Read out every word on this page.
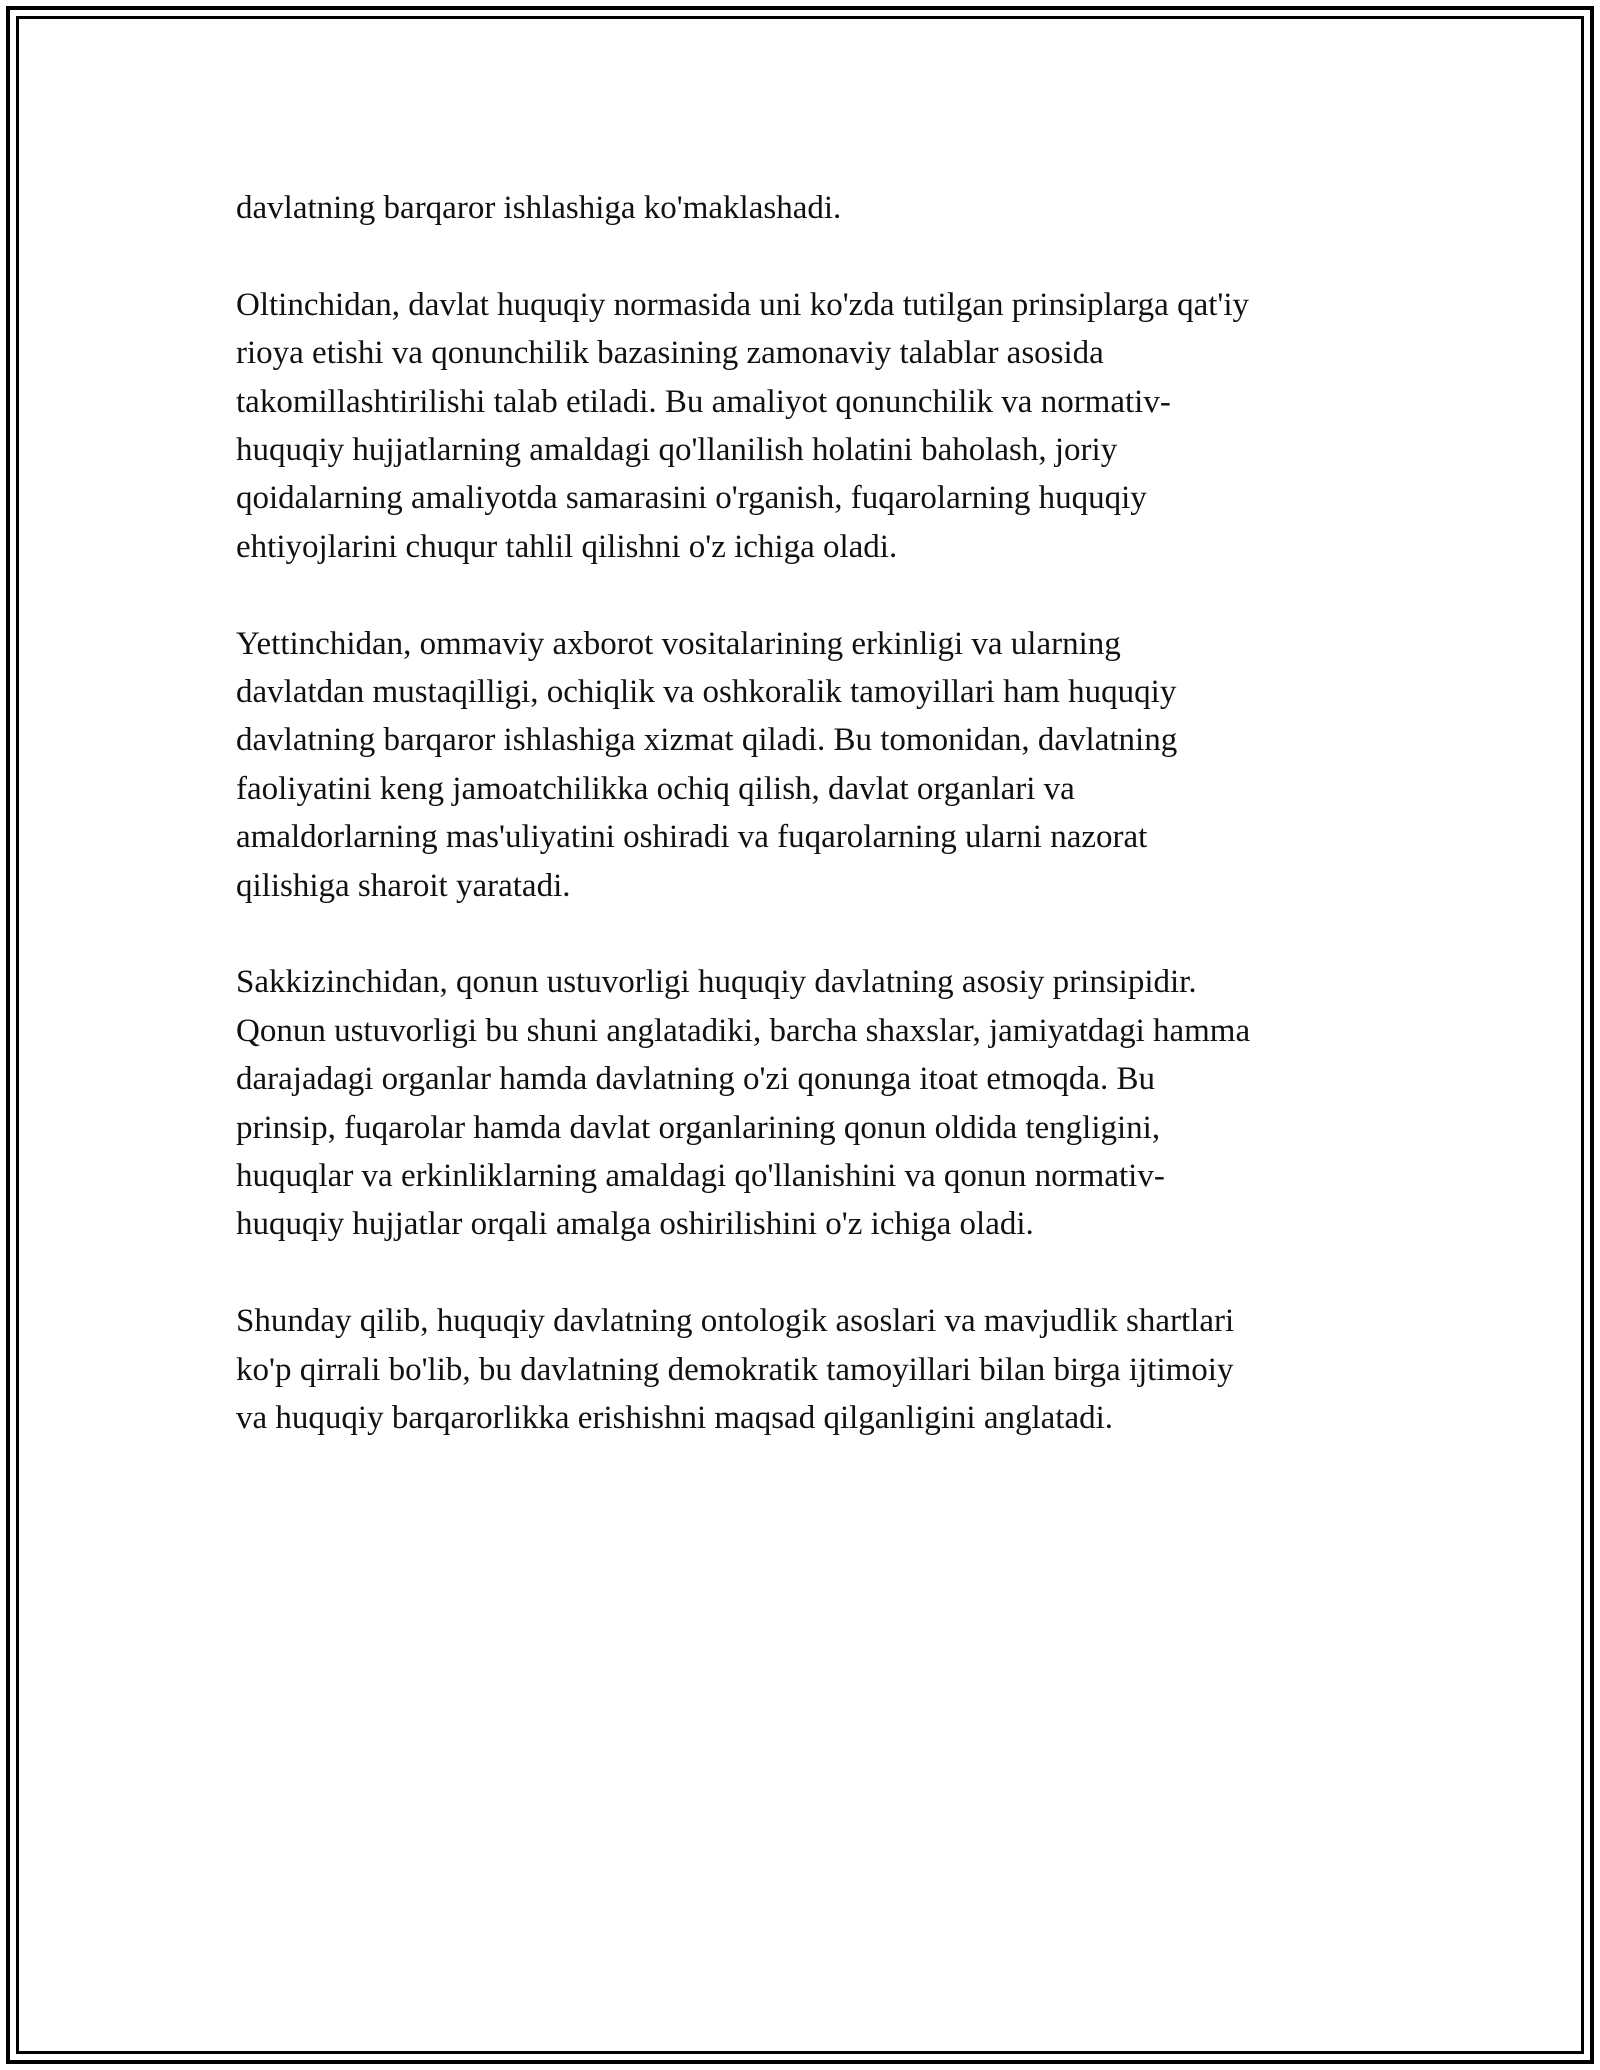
davlatning barqaror ishlashiga ko'maklashadi.

Oltinchidan, davlat huquqiy normasida uni ko'zda tutilgan prinsiplarga qat'iy
rioya etishi va qonunchilik bazasining zamonaviy talablar asosida
takomillashtirilishi talab etiladi. Bu amaliyot qonunchilik va normativ-
huquqiy hujjatlarning amaldagi qo'llanilish holatini baholash, joriy
qoidalarning amaliyotda samarasini o'rganish, fuqarolarning huquqiy
ehtiyojlarini chuqur tahlil qilishni o'z ichiga oladi.

Yettinchidan, ommaviy axborot vositalarining erkinligi va ularning
davlatdan mustaqilligi, ochiqlik va oshkoralik tamoyillari ham huquqiy
davlatning barqaror ishlashiga xizmat qiladi. Bu tomonidan, davlatning
faoliyatini keng jamoatchilikka ochiq qilish, davlat organlari va
amaldorlarning mas'uliyatini oshiradi va fuqarolarning ularni nazorat
qilishiga sharoit yaratadi.

Sakkizinchidan, qonun ustuvorligi huquqiy davlatning asosiy prinsipidir.
Qonun ustuvorligi bu shuni anglatadiki, barcha shaxslar, jamiyatdagi hamma
darajadagi organlar hamda davlatning o'zi qonunga itoat etmoqda. Bu
prinsip, fuqarolar hamda davlat organlarining qonun oldida tengligini,
huquqlar va erkinliklarning amaldagi qo'llanishini va qonun normativ-
huquqiy hujjatlar orqali amalga oshirilishini o'z ichiga oladi.

Shunday qilib, huquqiy davlatning ontologik asoslari va mavjudlik shartlari
ko'p qirrali bo'lib, bu davlatning demokratik tamoyillari bilan birga ijtimoiy
va huquqiy barqarorlikka erishishni maqsad qilganligini anglatadi.
